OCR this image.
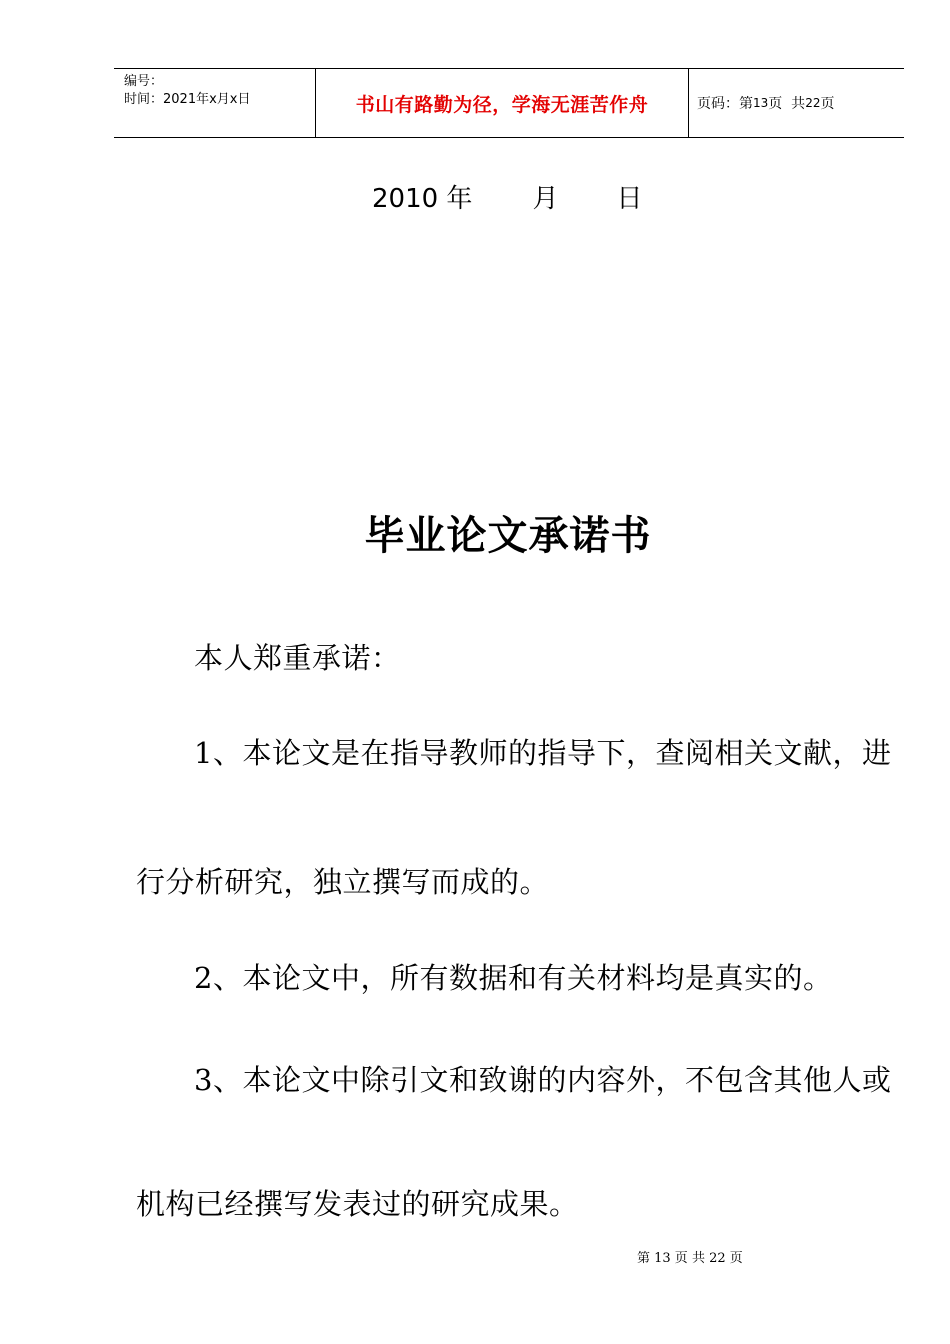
编号：
时间：2021年x月x日	书山有路勤为径，学海无涯苦作舟	页码：第 13 页  共 22 页
2010 年 月 日
毕业论文承诺书
本人郑重承诺：
1、本论文是在指导教师的指导下，查阅相关文献，进
行分析研究，独立撰写而成的。
2、本论文中，所有数据和有关材料均是真实的。
3、本论文中除引文和致谢的内容外，不包含其他人或
机构已经撰写发表过的研究成果。
第 13 页 共 22 页
